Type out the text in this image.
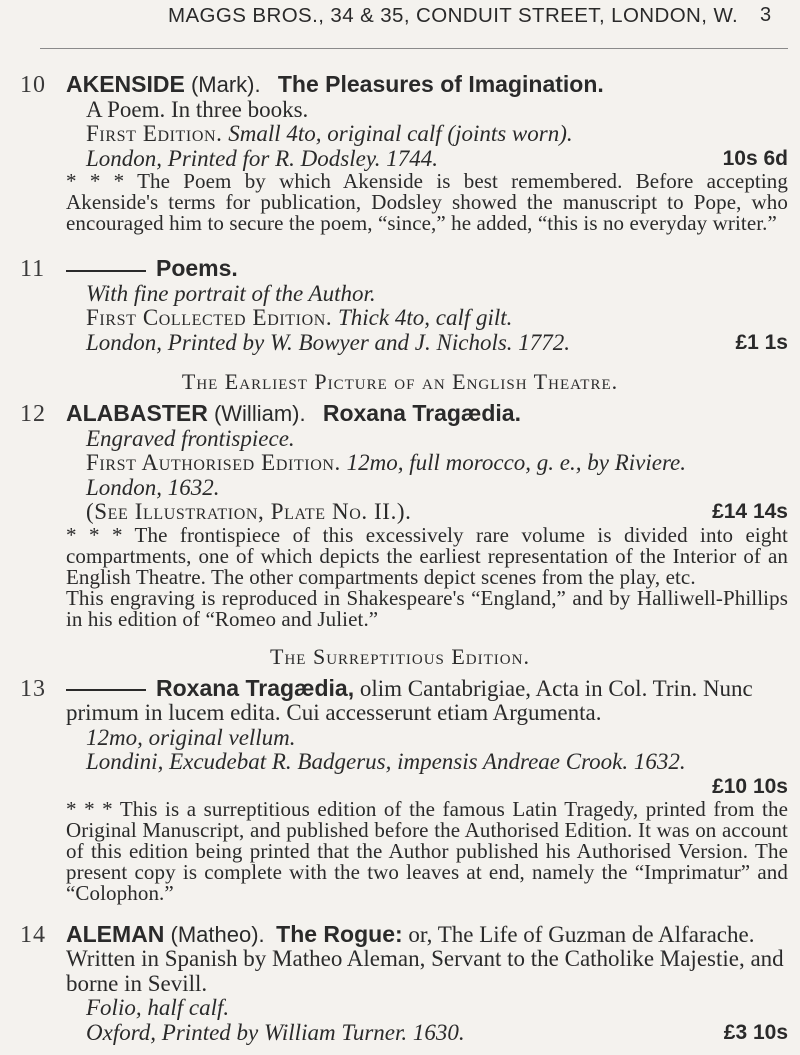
MAGGS BROS., 34 & 35, CONDUIT STREET, LONDON, W. 3
10 AKENSIDE (Mark). The Pleasures of Imagination.
A Poem. In three books.
First Edition. Small 4to, original calf (joints worn).
London, Printed for R. Dodsley. 1744.	10s 6d
* * * The Poem by which Akenside is best remembered. Before accepting Akenside's terms for publication, Dodsley showed the manuscript to Pope, who encouraged him to secure the poem, “since,” he added, “this is no everyday writer.”
11	Poems.
With fine portrait of the Author.
First Collected Edition. Thick 4to, calf gilt.
London, Printed by W. Bowyer and J. Nichols. 1772.	£1 1s
The Earliest Picture of an English Theatre.
12 ALABASTER (William). Roxana Tragædia.
Engraved frontispiece.
First Authorised Edition. 12mo, full morocco, g. e., by Riviere.
London, 1632.
(See Illustration, Plate No. II.).	£14 14s
* * * The frontispiece of this excessively rare volume is divided into eight compartments, one of which depicts the earliest representation of the Interior of an English Theatre. The other compartments depict scenes from the play, etc.
This engraving is reproduced in Shakespeare's “England,” and by Halliwell-Phillips in his edition of “Romeo and Juliet.”
The Surreptitious Edition.
13	Roxana Tragædia, olim Cantabrigiae, Acta in Col. Trin. Nunc primum in lucem edita. Cui accesserunt etiam Argumenta.
12mo, original vellum.
Londini, Excudebat R. Badgerus, impensis Andreae Crook. 1632.
£10 10s
* * * This is a surreptitious edition of the famous Latin Tragedy, printed from the Original Manuscript, and published before the Authorised Edition. It was on account of this edition being printed that the Author published his Authorised Version. The present copy is complete with the two leaves at end, namely the “Imprimatur” and “Colophon.”
14 ALEMAN (Matheo). The Rogue: or, The Life of Guzman de Alfarache. Written in Spanish by Matheo Aleman, Servant to the Catholike Majestie, and borne in Sevill.
Folio, half calf.
Oxford, Printed by William Turner. 1630.	£3 10s
